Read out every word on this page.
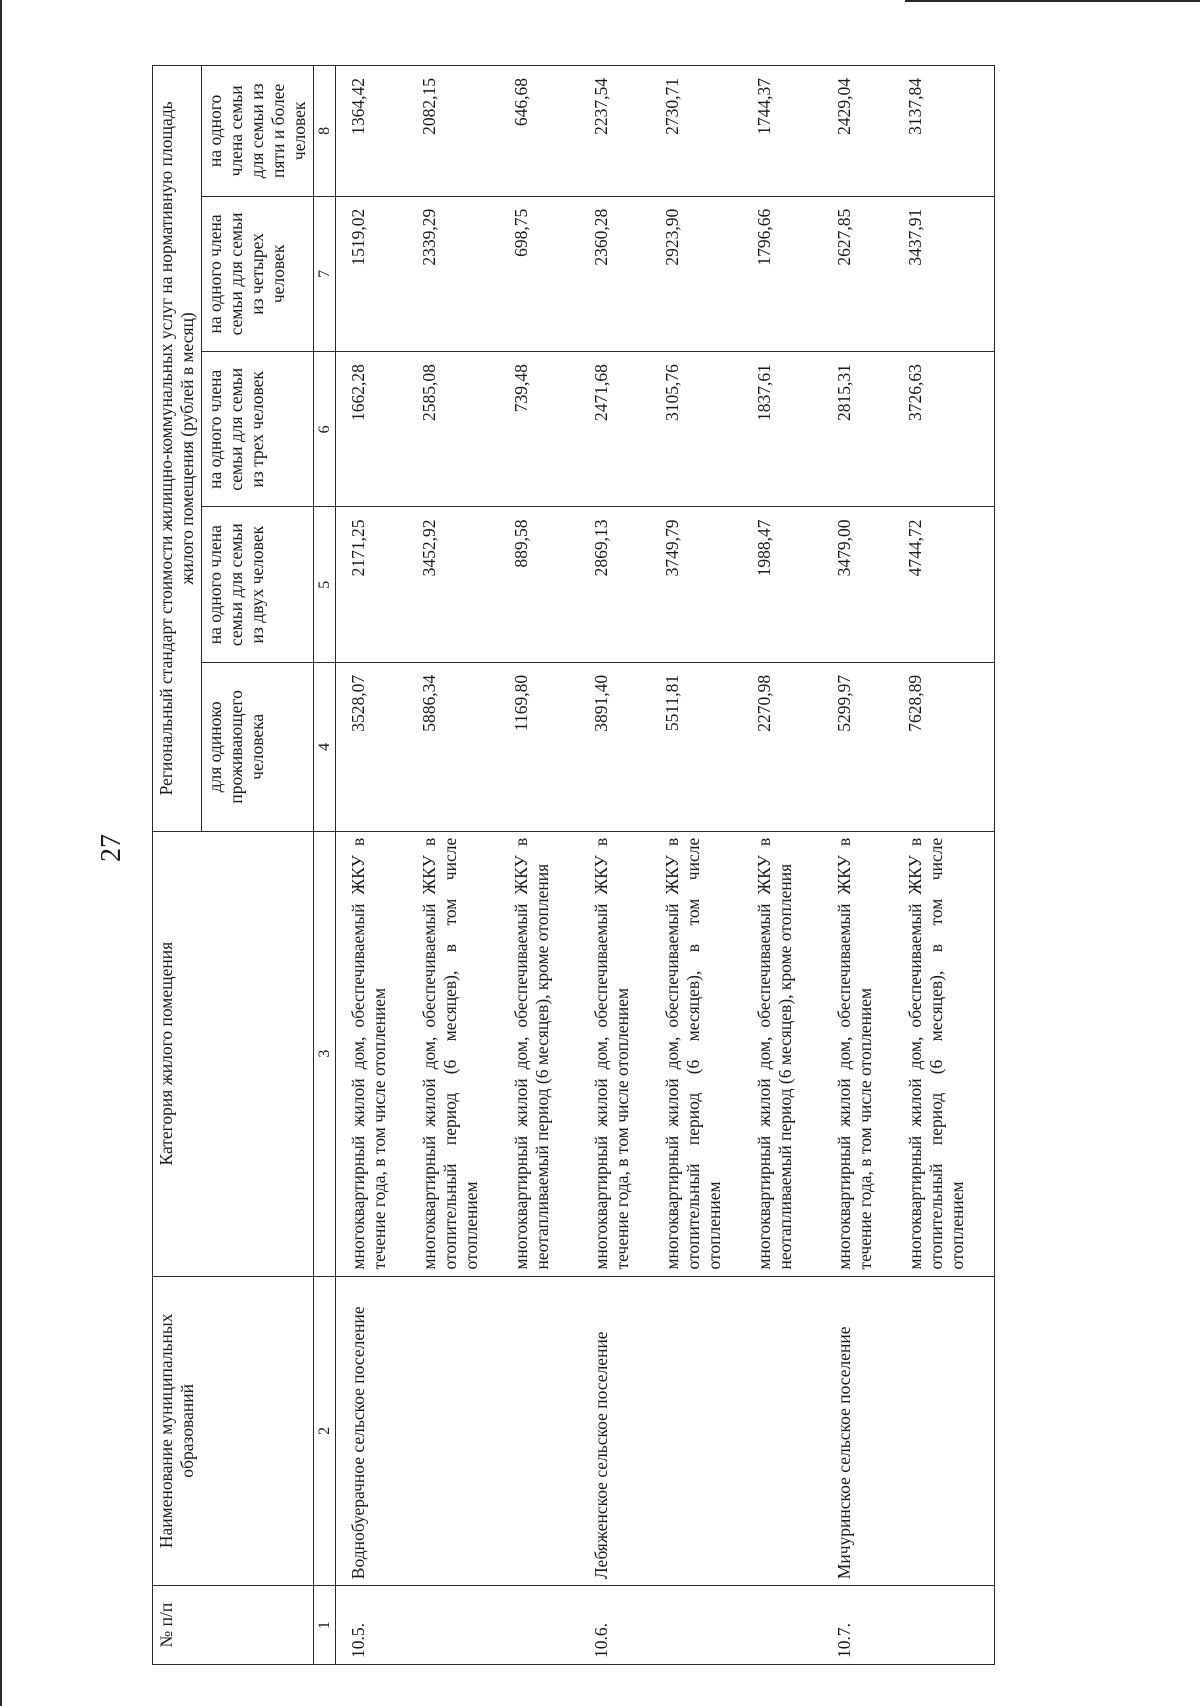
27
№ п/п	Наименование муниципальных образований	Категория жилого помещения	Региональный стандарт стоимости жилищно-коммунальных услуг на нормативную площадь жилого помещения (рублей в месяц)				
			для одиноко проживающего человека	на одного члена семьи для семьи из двух человек	на одного члена семьи для семьи из трех человек	на одного члена семьи для семьи из четырех человек	на одного члена семьи для семьи из пяти и более человек
1	2	3	4	5	6	7	8
10.5.	Воднобуерачное сельское поселение	многоквартирный жилой дом, обеспечиваемый ЖКУ в течение года, в том числе отоплением	3528,07	2171,25	1662,28	1519,02	1364,42
		многоквартирный жилой дом, обеспечиваемый ЖКУ в отопительный период (6 месяцев), в том числе отоплением	5886,34	3452,92	2585,08	2339,29	2082,15
		многоквартирный жилой дом, обеспечиваемый ЖКУ в неотапливаемый период (6 месяцев), кроме отопления	1169,80	889,58	739,48	698,75	646,68
10.6.	Лебяженское сельское поселение	многоквартирный жилой дом, обеспечиваемый ЖКУ в течение года, в том числе отоплением	3891,40	2869,13	2471,68	2360,28	2237,54
		многоквартирный жилой дом, обеспечиваемый ЖКУ в отопительный период (6 месяцев), в том числе отоплением	5511,81	3749,79	3105,76	2923,90	2730,71
		многоквартирный жилой дом, обеспечиваемый ЖКУ в неотапливаемый период (6 месяцев), кроме отопления	2270,98	1988,47	1837,61	1796,66	1744,37
10.7.	Мичуринское сельское поселение	многоквартирный жилой дом, обеспечиваемый ЖКУ в течение года, в том числе отоплением	5299,97	3479,00	2815,31	2627,85	2429,04
		многоквартирный жилой дом, обеспечиваемый ЖКУ в отопительный период (6 месяцев), в том числе отоплением	7628,89	4744,72	3726,63	3437,91	3137,84
